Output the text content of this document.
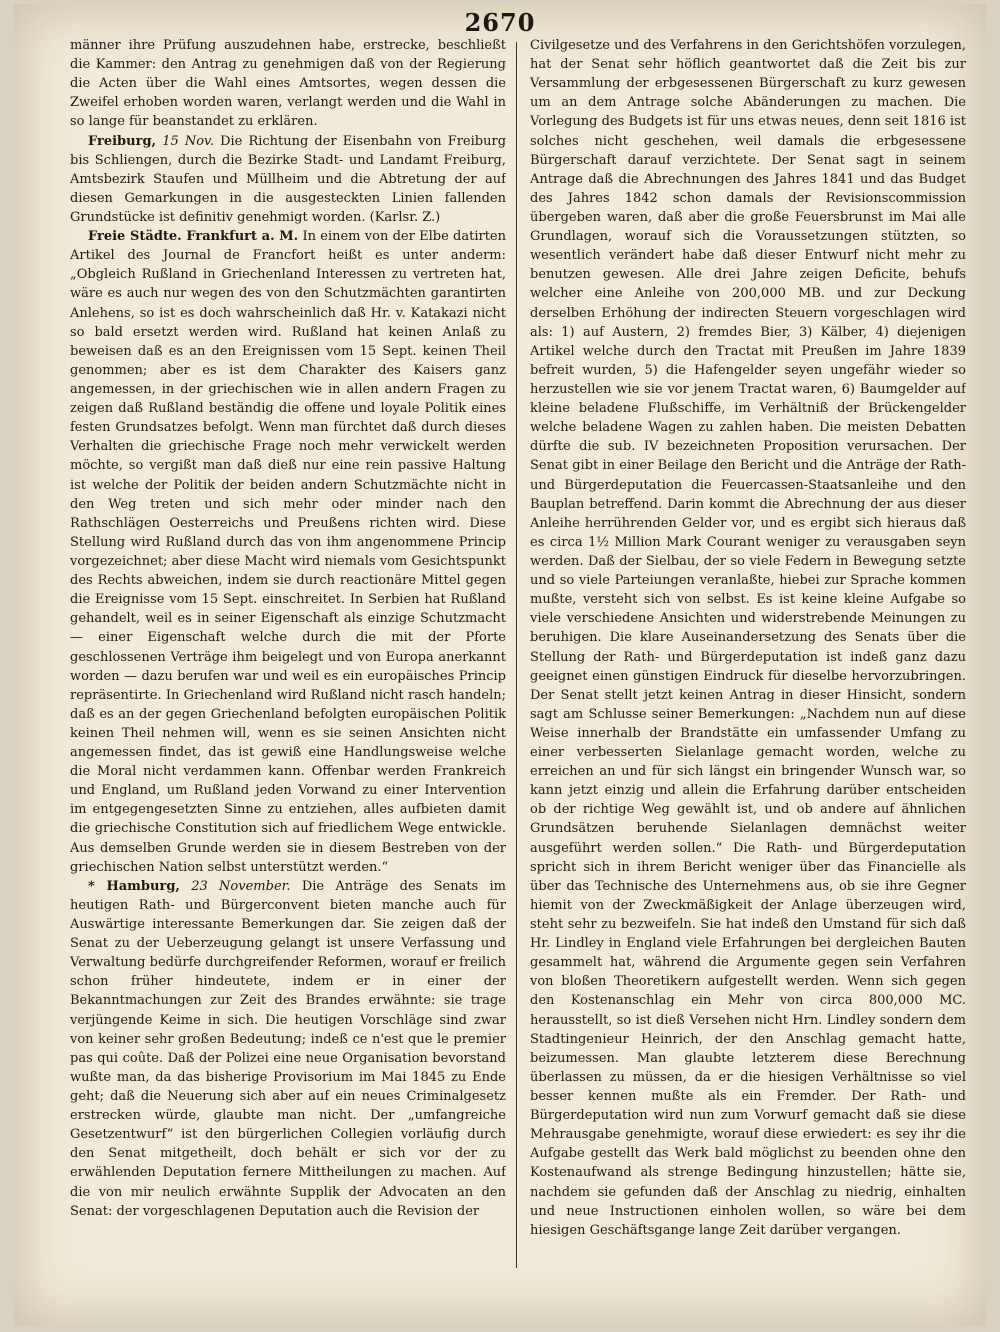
2670

männer ihre Prüfung auszudehnen habe, erstrecke, beschließt die Kammer: den Antrag zu genehmigen daß von der Regierung die Acten über die Wahl eines Amtsortes, wegen dessen die Zweifel erhoben worden waren, verlangt werden und die Wahl in so lange für beanstandet zu erklären.

Freiburg, 15 Nov. Die Richtung der Eisenbahn von Freiburg bis Schliengen, durch die Bezirke Stadt- und Landamt Freiburg, Amtsbezirk Staufen und Müllheim und die Abtretung der auf diesen Gemarkungen in die ausgesteckten Linien fallenden Grundstücke ist definitiv genehmigt worden. (Karlsr. Z.)

Freie Städte. Frankfurt a. M. In einem von der Elbe datirten Artikel des Journal de Francfort heißt es unter anderm: „Obgleich Rußland in Griechenland Interessen zu vertreten hat, wäre es auch nur wegen des von den Schutzmächten garantirten Anlehens, so ist es doch wahrscheinlich daß Hr. v. Katakazi nicht so bald ersetzt werden wird. Rußland hat keinen Anlaß zu beweisen daß es an den Ereignissen vom 15 Sept. keinen Theil genommen; aber es ist dem Charakter des Kaisers ganz angemessen, in der griechischen wie in allen andern Fragen zu zeigen daß Rußland beständig die offene und loyale Politik eines festen Grundsatzes befolgt. Wenn man fürchtet daß durch dieses Verhalten die griechische Frage noch mehr verwickelt werden möchte, so vergißt man daß dieß nur eine rein passive Haltung ist welche der Politik der beiden andern Schutzmächte nicht in den Weg treten und sich mehr oder minder nach den Rathschlägen Oesterreichs und Preußens richten wird. Diese Stellung wird Rußland durch das von ihm angenommene Princip vorgezeichnet; aber diese Macht wird niemals vom Gesichtspunkt des Rechts abweichen, indem sie durch reactionäre Mittel gegen die Ereignisse vom 15 Sept. einschreitet. In Serbien hat Rußland gehandelt, weil es in seiner Eigenschaft als einzige Schutzmacht — einer Eigenschaft welche durch die mit der Pforte geschlossenen Verträge ihm beigelegt und von Europa anerkannt worden — dazu berufen war und weil es ein europäisches Princip repräsentirte. In Griechenland wird Rußland nicht rasch handeln; daß es an der gegen Griechenland befolgten europäischen Politik keinen Theil nehmen will, wenn es sie seinen Ansichten nicht angemessen findet, das ist gewiß eine Handlungsweise welche die Moral nicht verdammen kann. Offenbar werden Frankreich und England, um Rußland jeden Vorwand zu einer Intervention im entgegengesetzten Sinne zu entziehen, alles aufbieten damit die griechische Constitution sich auf friedlichem Wege entwickle. Aus demselben Grunde werden sie in diesem Bestreben von der griechischen Nation selbst unterstützt werden.“

* Hamburg, 23 November. Die Anträge des Senats im heutigen Rath- und Bürgerconvent bieten manche auch für Auswärtige interessante Bemerkungen dar. Sie zeigen daß der Senat zu der Ueberzeugung gelangt ist unsere Verfassung und Verwaltung bedürfe durchgreifender Reformen, worauf er freilich schon früher hindeutete, indem er in einer der Bekanntmachungen zur Zeit des Brandes erwähnte: sie trage verjüngende Keime in sich. Die heutigen Vorschläge sind zwar von keiner sehr großen Bedeutung; indeß ce n'est que le premier pas qui coûte. Daß der Polizei eine neue Organisation bevorstand wußte man, da das bisherige Provisorium im Mai 1845 zu Ende geht; daß die Neuerung sich aber auf ein neues Criminalgesetz erstrecken würde, glaubte man nicht. Der „umfangreiche Gesetzentwurf“ ist den bürgerlichen Collegien vorläufig durch den Senat mitgetheilt, doch behält er sich vor der zu erwählenden Deputation fernere Mittheilungen zu machen. Auf die von mir neulich erwähnte Supplik der Advocaten an den Senat: der vorgeschlagenen Deputation auch die Revision der

Civilgesetze und des Verfahrens in den Gerichtshöfen vorzulegen, hat der Senat sehr höflich geantwortet daß die Zeit bis zur Versammlung der erbgesessenen Bürgerschaft zu kurz gewesen um an dem Antrage solche Abänderungen zu machen. Die Vorlegung des Budgets ist für uns etwas neues, denn seit 1816 ist solches nicht geschehen, weil damals die erbgesessene Bürgerschaft darauf verzichtete. Der Senat sagt in seinem Antrage daß die Abrechnungen des Jahres 1841 und das Budget des Jahres 1842 schon damals der Revisionscommission übergeben waren, daß aber die große Feuersbrunst im Mai alle Grundlagen, worauf sich die Voraussetzungen stützten, so wesentlich verändert habe daß dieser Entwurf nicht mehr zu benutzen gewesen. Alle drei Jahre zeigen Deficite, behufs welcher eine Anleihe von 200,000 MB. und zur Deckung derselben Erhöhung der indirecten Steuern vorgeschlagen wird als: 1) auf Austern, 2) fremdes Bier, 3) Kälber, 4) diejenigen Artikel welche durch den Tractat mit Preußen im Jahre 1839 befreit wurden, 5) die Hafengelder seyen ungefähr wieder so herzustellen wie sie vor jenem Tractat waren, 6) Baumgelder auf kleine beladene Flußschiffe, im Verhältniß der Brückengelder welche beladene Wagen zu zahlen haben. Die meisten Debatten dürfte die sub. IV bezeichneten Proposition verursachen. Der Senat gibt in einer Beilage den Bericht und die Anträge der Rath- und Bürgerdeputation die Feuercassen-Staatsanleihe und den Bauplan betreffend. Darin kommt die Abrechnung der aus dieser Anleihe herrührenden Gelder vor, und es ergibt sich hieraus daß es circa 1½ Million Mark Courant weniger zu verausgaben seyn werden. Daß der Sielbau, der so viele Federn in Bewegung setzte und so viele Parteiungen veranlaßte, hiebei zur Sprache kommen mußte, versteht sich von selbst. Es ist keine kleine Aufgabe so viele verschiedene Ansichten und widerstrebende Meinungen zu beruhigen. Die klare Auseinandersetzung des Senats über die Stellung der Rath- und Bürgerdeputation ist indeß ganz dazu geeignet einen günstigen Eindruck für dieselbe hervorzubringen. Der Senat stellt jetzt keinen Antrag in dieser Hinsicht, sondern sagt am Schlusse seiner Bemerkungen: „Nachdem nun auf diese Weise innerhalb der Brandstätte ein umfassender Umfang zu einer verbesserten Sielanlage gemacht worden, welche zu erreichen an und für sich längst ein bringender Wunsch war, so kann jetzt einzig und allein die Erfahrung darüber entscheiden ob der richtige Weg gewählt ist, und ob andere auf ähnlichen Grundsätzen beruhende Sielanlagen demnächst weiter ausgeführt werden sollen.“ Die Rath- und Bürgerdeputation spricht sich in ihrem Bericht weniger über das Financielle als über das Technische des Unternehmens aus, ob sie ihre Gegner hiemit von der Zweckmäßigkeit der Anlage überzeugen wird, steht sehr zu bezweifeln. Sie hat indeß den Umstand für sich daß Hr. Lindley in England viele Erfahrungen bei dergleichen Bauten gesammelt hat, während die Argumente gegen sein Verfahren von bloßen Theoretikern aufgestellt werden. Wenn sich gegen den Kostenanschlag ein Mehr von circa 800,000 MC. herausstellt, so ist dieß Versehen nicht Hrn. Lindley sondern dem Stadtingenieur Heinrich, der den Anschlag gemacht hatte, beizumessen. Man glaubte letzterem diese Berechnung überlassen zu müssen, da er die hiesigen Verhältnisse so viel besser kennen mußte als ein Fremder. Der Rath- und Bürgerdeputation wird nun zum Vorwurf gemacht daß sie diese Mehrausgabe genehmigte, worauf diese erwiedert: es sey ihr die Aufgabe gestellt das Werk bald möglichst zu beenden ohne den Kostenaufwand als strenge Bedingung hinzustellen; hätte sie, nachdem sie gefunden daß der Anschlag zu niedrig, einhalten und neue Instructionen einholen wollen, so wäre bei dem hiesigen Geschäftsgange lange Zeit darüber vergangen.
